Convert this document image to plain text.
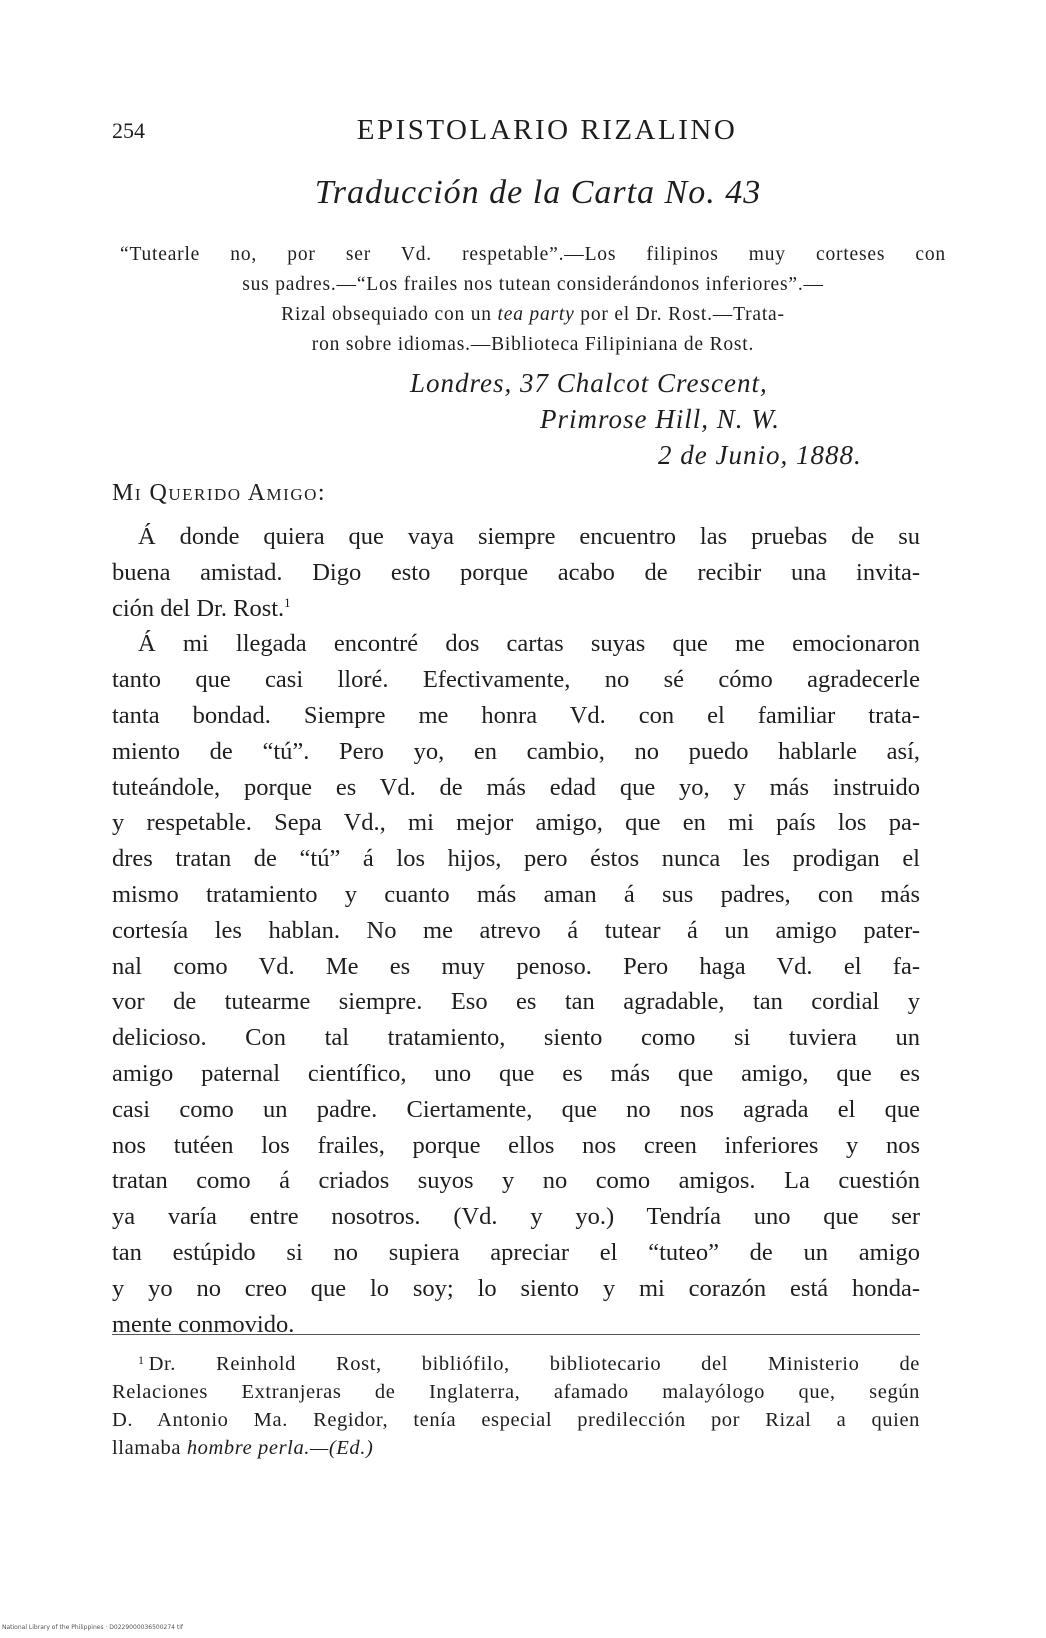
254	EPISTOLARIO RIZALINO
Traducción de la Carta No. 43

“Tutearle no, por ser Vd. respetable”.—Los filipinos muy corteses con

sus padres.—“Los frailes nos tutean considerándonos inferiores”.—

Rizal obsequiado con un tea party por el Dr. Rost.—Trata-

ron sobre idiomas.—Biblioteca Filipiniana de Rost.

Londres, 37 Chalcot Crescent,
Primrose Hill, N. W.
2 de Junio, 1888.
Mi Querido Amigo:

Á donde quiera que vaya siempre encuentro las pruebas de su
buena amistad. Digo esto porque acabo de recibir una invita-
ción del Dr. Rost.$^1$

Á mi llegada encontré dos cartas suyas que me emocionaron
tanto que casi lloré. Efectivamente, no sé cómo agradecerle
tanta bondad. Siempre me honra Vd. con el familiar trata-
miento de “tú”. Pero yo, en cambio, no puedo hablarle así,
tuteándole, porque es Vd. de más edad que yo, y más instruido
y respetable. Sepa Vd., mi mejor amigo, que en mi país los pa-
dres tratan de “tú” á los hijos, pero éstos nunca les prodigan el
mismo tratamiento y cuanto más aman á sus padres, con más
cortesía les hablan. No me atrevo á tutear á un amigo pater-
nal como Vd. Me es muy penoso. Pero haga Vd. el fa-
vor de tutearme siempre. Eso es tan agradable, tan cordial y
delicioso. Con tal tratamiento, siento como si tuviera un
amigo paternal científico, uno que es más que amigo, que es
casi como un padre. Ciertamente, que no nos agrada el que
nos tutéen los frailes, porque ellos nos creen inferiores y nos
tratan como á criados suyos y no como amigos. La cuestión
ya varía entre nosotros. (Vd. y yo.) Tendría uno que ser
tan estúpido si no supiera apreciar el “tuteo” de un amigo
y yo no creo que lo soy; lo siento y mi corazón está honda-
mente conmovido.

$^1$ Dr. Reinhold Rost, bibliófilo, bibliotecario del Ministerio de
Relaciones Extranjeras de Inglaterra, afamado malayólogo que, según
D. Antonio Ma. Regidor, tenía especial predilección por Rizal a quien
llamaba hombre perla.—(Ed.)

National Library of the Philippines · D0229000036500274 tif
